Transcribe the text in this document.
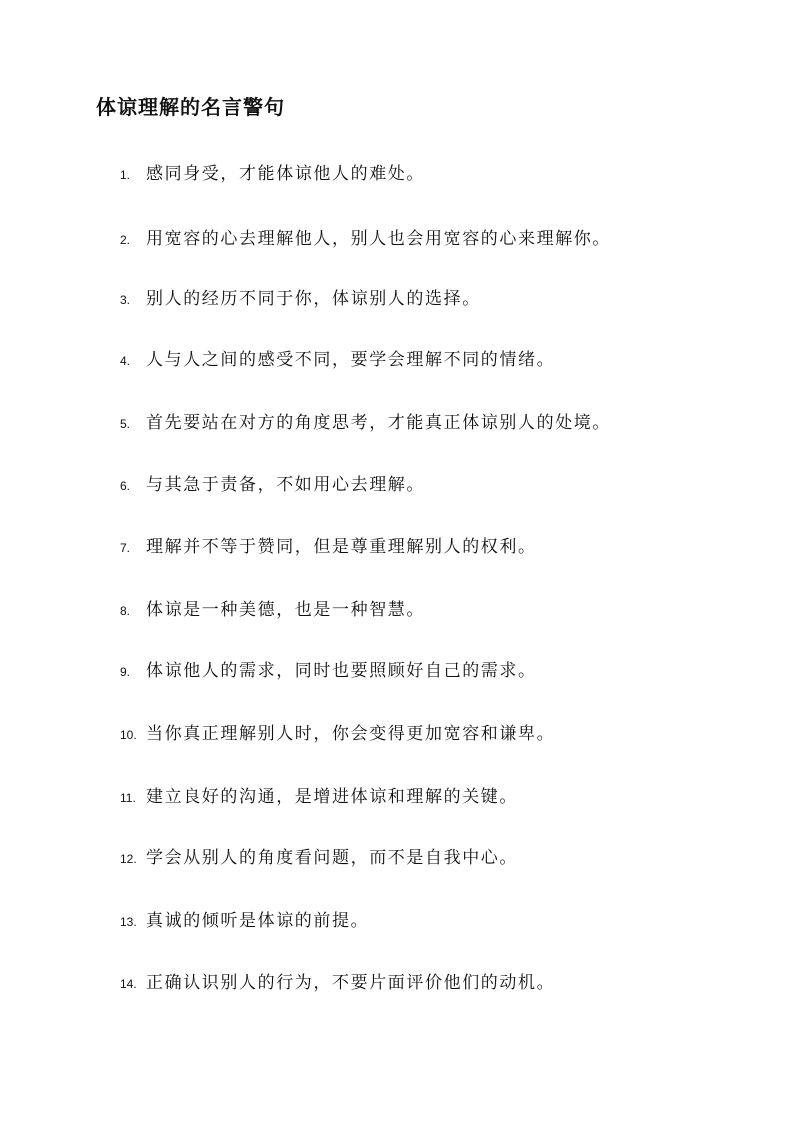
体谅理解的名言警句
1. 感同身受，才能体谅他人的难处。
2. 用宽容的心去理解他人，别人也会用宽容的心来理解你。
3. 别人的经历不同于你，体谅别人的选择。
4. 人与人之间的感受不同，要学会理解不同的情绪。
5. 首先要站在对方的角度思考，才能真正体谅别人的处境。
6. 与其急于责备，不如用心去理解。
7. 理解并不等于赞同，但是尊重理解别人的权利。
8. 体谅是一种美德，也是一种智慧。
9. 体谅他人的需求，同时也要照顾好自己的需求。
10. 当你真正理解别人时，你会变得更加宽容和谦卑。
11. 建立良好的沟通，是增进体谅和理解的关键。
12. 学会从别人的角度看问题，而不是自我中心。
13. 真诚的倾听是体谅的前提。
14. 正确认识别人的行为，不要片面评价他们的动机。
